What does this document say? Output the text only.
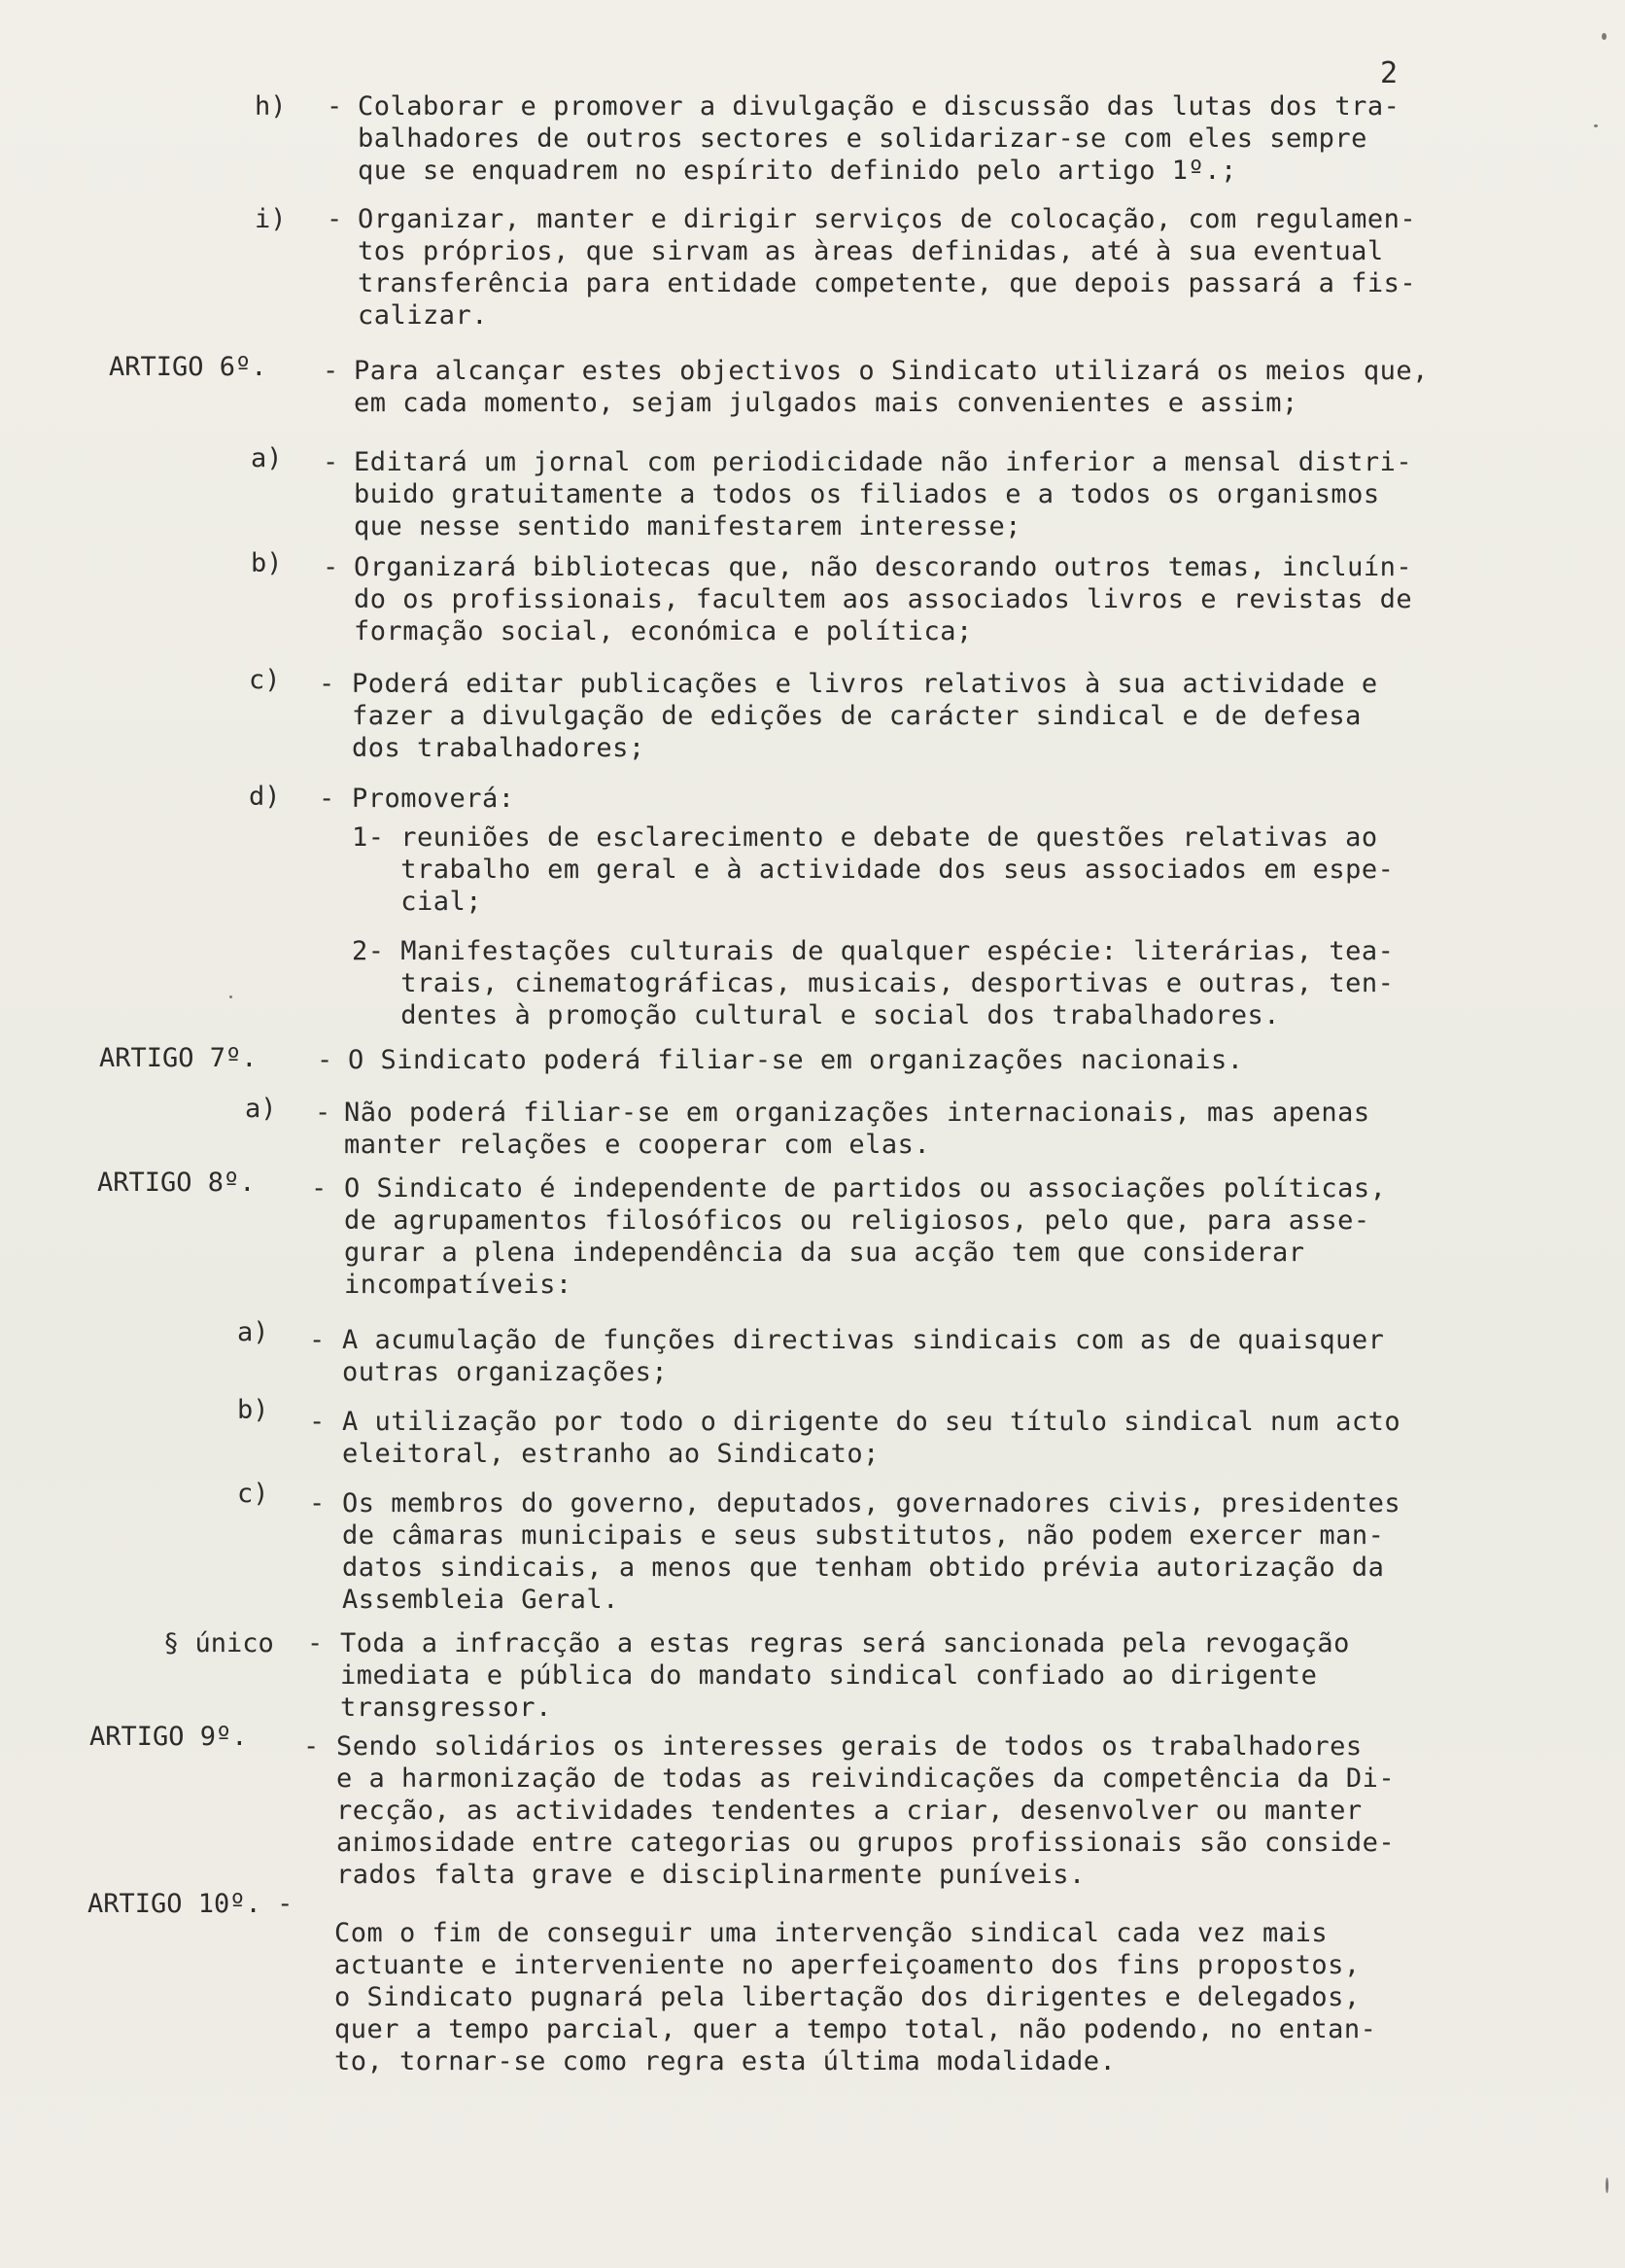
2
h) - Colaborar e promover a divulgação e discussão das lutas dos tra-
balhadores de outros sectores e solidarizar-se com eles sempre
que se enquadrem no espírito definido pelo artigo 1º.;
i) - Organizar, manter e dirigir serviços de colocação, com regulamen-
tos próprios, que sirvam as àreas definidas, até à sua eventual
transferência para entidade competente, que depois passará a fis-
calizar.
ARTIGO 6º. - Para alcançar estes objectivos o Sindicato utilizará os meios que,
em cada momento, sejam julgados mais convenientes e assim;
a) - Editará um jornal com periodicidade não inferior a mensal distri-
buido gratuitamente a todos os filiados e a todos os organismos
que nesse sentido manifestarem interesse;
b) - Organizará bibliotecas que, não descorando outros temas, incluín-
do os profissionais, facultem aos associados livros e revistas de
formação social, económica e política;
c) - Poderá editar publicações e livros relativos à sua actividade e
fazer a divulgação de edições de carácter sindical e de defesa
dos trabalhadores;
d) - Promoverá:
1- reuniões de esclarecimento e debate de questões relativas ao
trabalho em geral e à actividade dos seus associados em espe-
cial;
2- Manifestações culturais de qualquer espécie: literárias, tea-
trais, cinematográficas, musicais, desportivas e outras, ten-
dentes à promoção cultural e social dos trabalhadores.
ARTIGO 7º. - O Sindicato poderá filiar-se em organizações nacionais.
a) - Não poderá filiar-se em organizações internacionais, mas apenas
manter relações e cooperar com elas.
ARTIGO 8º. - O Sindicato é independente de partidos ou associações políticas,
de agrupamentos filosóficos ou religiosos, pelo que, para asse-
gurar a plena independência da sua acção tem que considerar
incompatíveis:
a) - A acumulação de funções directivas sindicais com as de quaisquer
outras organizações;
b) - A utilização por todo o dirigente do seu título sindical num acto
eleitoral, estranho ao Sindicato;
c) - Os membros do governo, deputados, governadores civis, presidentes
de câmaras municipais e seus substitutos, não podem exercer man-
datos sindicais, a menos que tenham obtido prévia autorização da
Assembleia Geral.
§ único - Toda a infracção a estas regras será sancionada pela revogação
imediata e pública do mandato sindical confiado ao dirigente
transgressor.
ARTIGO 9º. - Sendo solidários os interesses gerais de todos os trabalhadores
e a harmonização de todas as reivindicações da competência da Di-
recção, as actividades tendentes a criar, desenvolver ou manter
animosidade entre categorias ou grupos profissionais são conside-
rados falta grave e disciplinarmente puníveis.
ARTIGO 10º. -
Com o fim de conseguir uma intervenção sindical cada vez mais
actuante e interveniente no aperfeiçoamento dos fins propostos,
o Sindicato pugnará pela libertação dos dirigentes e delegados,
quer a tempo parcial, quer a tempo total, não podendo, no entan-
to, tornar-se como regra esta última modalidade.
